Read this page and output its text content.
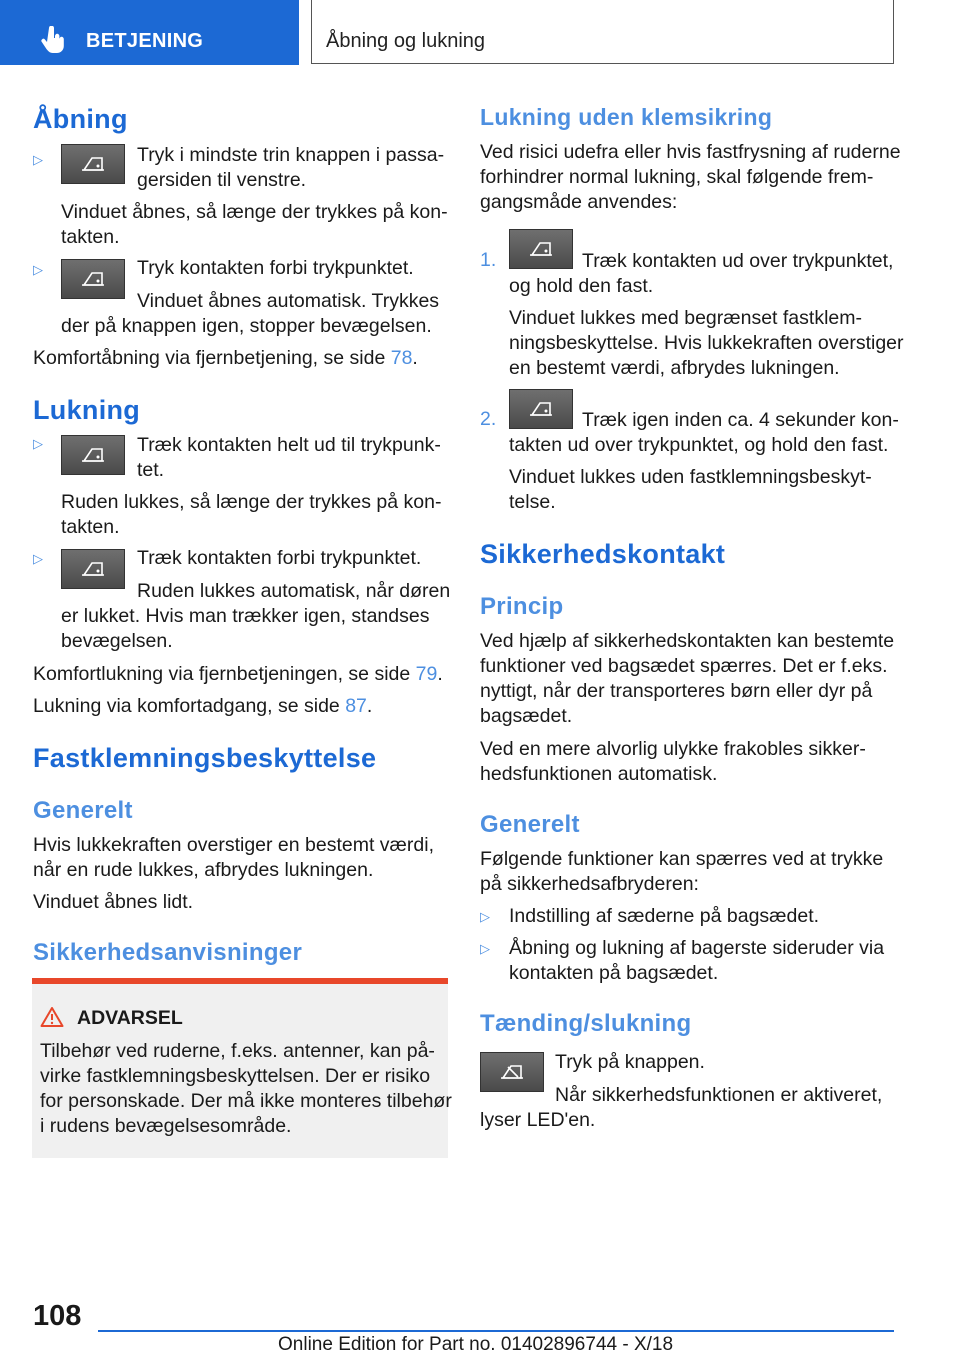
BETJENING	Åbning og lukning
Åbning
▷	Tryk i mindste trin knappen i passa-
gersiden til venstre.
Vinduet åbnes, så længe der trykkes på kon-
takten.
▷	Tryk kontakten forbi trykpunktet.
Vinduet åbnes automatisk. Trykkes
der på knappen igen, stopper bevægelsen.
Komfortåbning via fjernbetjening, se side 78.
Lukning
▷	Træk kontakten helt ud til trykpunk-
tet.
Ruden lukkes, så længe der trykkes på kon-
takten.
▷	Træk kontakten forbi trykpunktet.
Ruden lukkes automatisk, når døren
er lukket. Hvis man trækker igen, standses
bevægelsen.
Komfortlukning via fjernbetjeningen, se side 79.
Lukning via komfortadgang, se side 87.
Fastklemningsbeskyttelse
Generelt
Hvis lukkekraften overstiger en bestemt værdi,
når en rude lukkes, afbrydes lukningen.
Vinduet åbnes lidt.
Sikkerhedsanvisninger
ADVARSEL
Tilbehør ved ruderne, f.eks. antenner, kan på-
virke fastklemningsbeskyttelsen. Der er risiko
for personskade. Der må ikke monteres tilbehør
i rudens bevægelsesområde.
Lukning uden klemsikring
Ved risici udefra eller hvis fastfrysning af ruderne
forhindrer normal lukning, skal følgende frem-
gangsmåde anvendes:
1.	Træk kontakten ud over trykpunktet,
og hold den fast.
Vinduet lukkes med begrænset fastklem-
ningsbeskyttelse. Hvis lukkekraften overstiger
en bestemt værdi, afbrydes lukningen.
2.	Træk igen inden ca. 4 sekunder kon-
takten ud over trykpunktet, og hold den fast.
Vinduet lukkes uden fastklemningsbeskyt-
telse.
Sikkerhedskontakt
Princip
Ved hjælp af sikkerhedskontakten kan bestemte
funktioner ved bagsædet spærres. Det er f.eks.
nyttigt, når der transporteres børn eller dyr på
bagsædet.
Ved en mere alvorlig ulykke frakobles sikker-
hedsfunktionen automatisk.
Generelt
Følgende funktioner kan spærres ved at trykke
på sikkerhedsafbryderen:
▷ Indstilling af sæderne på bagsædet.
▷ Åbning og lukning af bagerste sideruder via
kontakten på bagsædet.
Tænding/slukning
Tryk på knappen.
Når sikkerhedsfunktionen er aktiveret,
lyser LED'en.
108
Online Edition for Part no. 01402896744 - X/18
